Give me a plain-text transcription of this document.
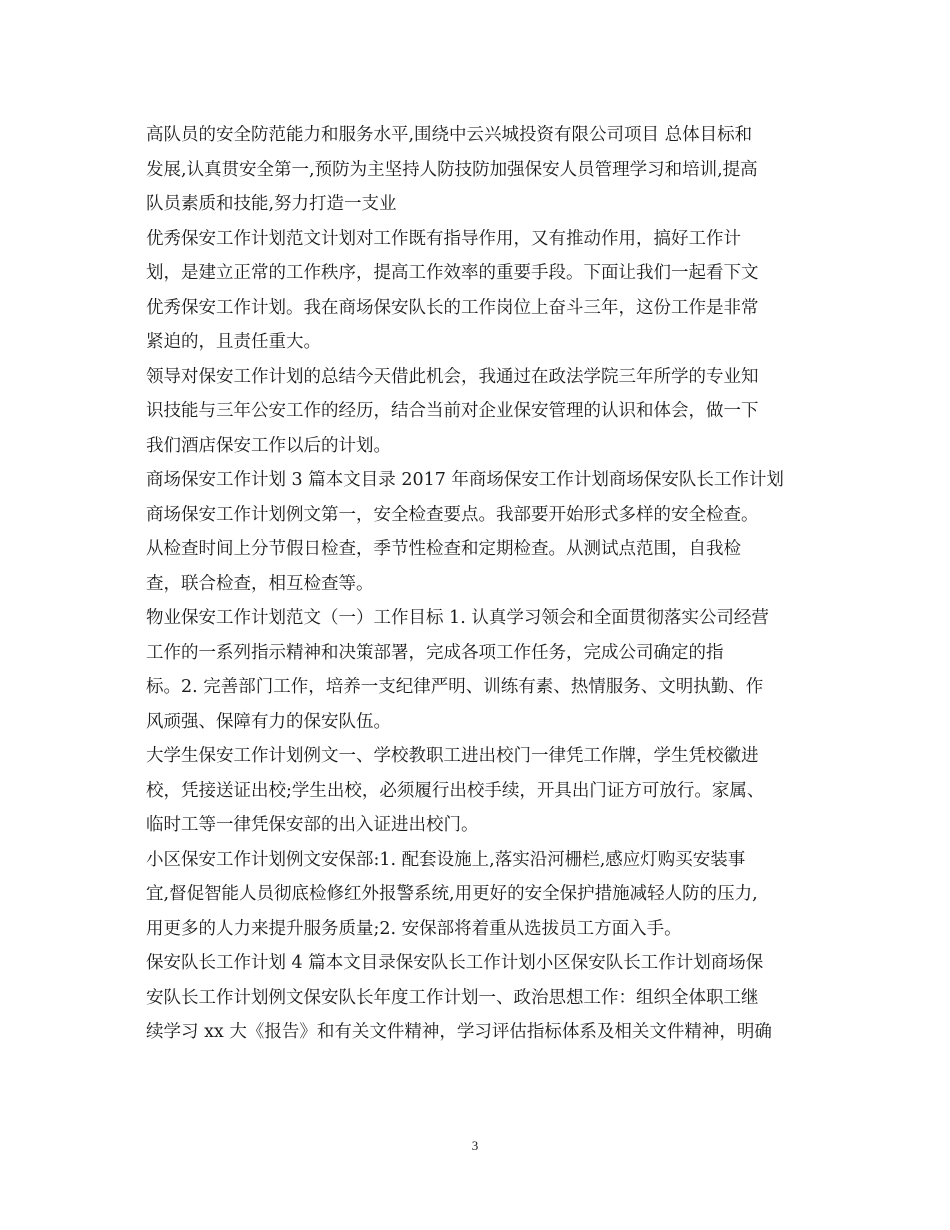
高队员的安全防范能力和服务水平,围绕中云兴城投资有限公司项目 总体目标和
发展,认真贯安全第一,预防为主坚持人防技防加强保安人员管理学习和培训,提高
队员素质和技能,努力打造一支业

优秀保安工作计划范文计划对工作既有指导作用，又有推动作用，搞好工作计
划，是建立正常的工作秩序，提高工作效率的重要手段。下面让我们一起看下文
优秀保安工作计划。我在商场保安队长的工作岗位上奋斗三年，这份工作是非常
紧迫的，且责任重大。

领导对保安工作计划的总结今天借此机会，我通过在政法学院三年所学的专业知
识技能与三年公安工作的经历，结合当前对企业保安管理的认识和体会，做一下
我们酒店保安工作以后的计划。

商场保安工作计划 3 篇本文目录 2017 年商场保安工作计划商场保安队长工作计划
商场保安工作计划例文第一，安全检查要点。我部要开始形式多样的安全检查。
从检查时间上分节假日检查，季节性检查和定期检查。从测试点范围，自我检
查，联合检查，相互检查等。

物业保安工作计划范文（一）工作目标 1. 认真学习领会和全面贯彻落实公司经营
工作的一系列指示精神和决策部署，完成各项工作任务，完成公司确定的指
标。2. 完善部门工作，培养一支纪律严明、训练有素、热情服务、文明执勤、作
风顽强、保障有力的保安队伍。

大学生保安工作计划例文一、学校教职工进出校门一律凭工作牌，学生凭校徽进
校，凭接送证出校;学生出校，必须履行出校手续，开具出门证方可放行。家属、
临时工等一律凭保安部的出入证进出校门。

小区保安工作计划例文安保部:1. 配套设施上,落实沿河栅栏,感应灯购买安装事
宜,督促智能人员彻底检修红外报警系统,用更好的安全保护措施减轻人防的压力,
用更多的人力来提升服务质量;2. 安保部将着重从选拔员工方面入手。

保安队长工作计划 4 篇本文目录保安队长工作计划小区保安队长工作计划商场保
安队长工作计划例文保安队长年度工作计划一、政治思想工作：组织全体职工继
续学习 xx 大《报告》和有关文件精神，学习评估指标体系及相关文件精神，明确

3
